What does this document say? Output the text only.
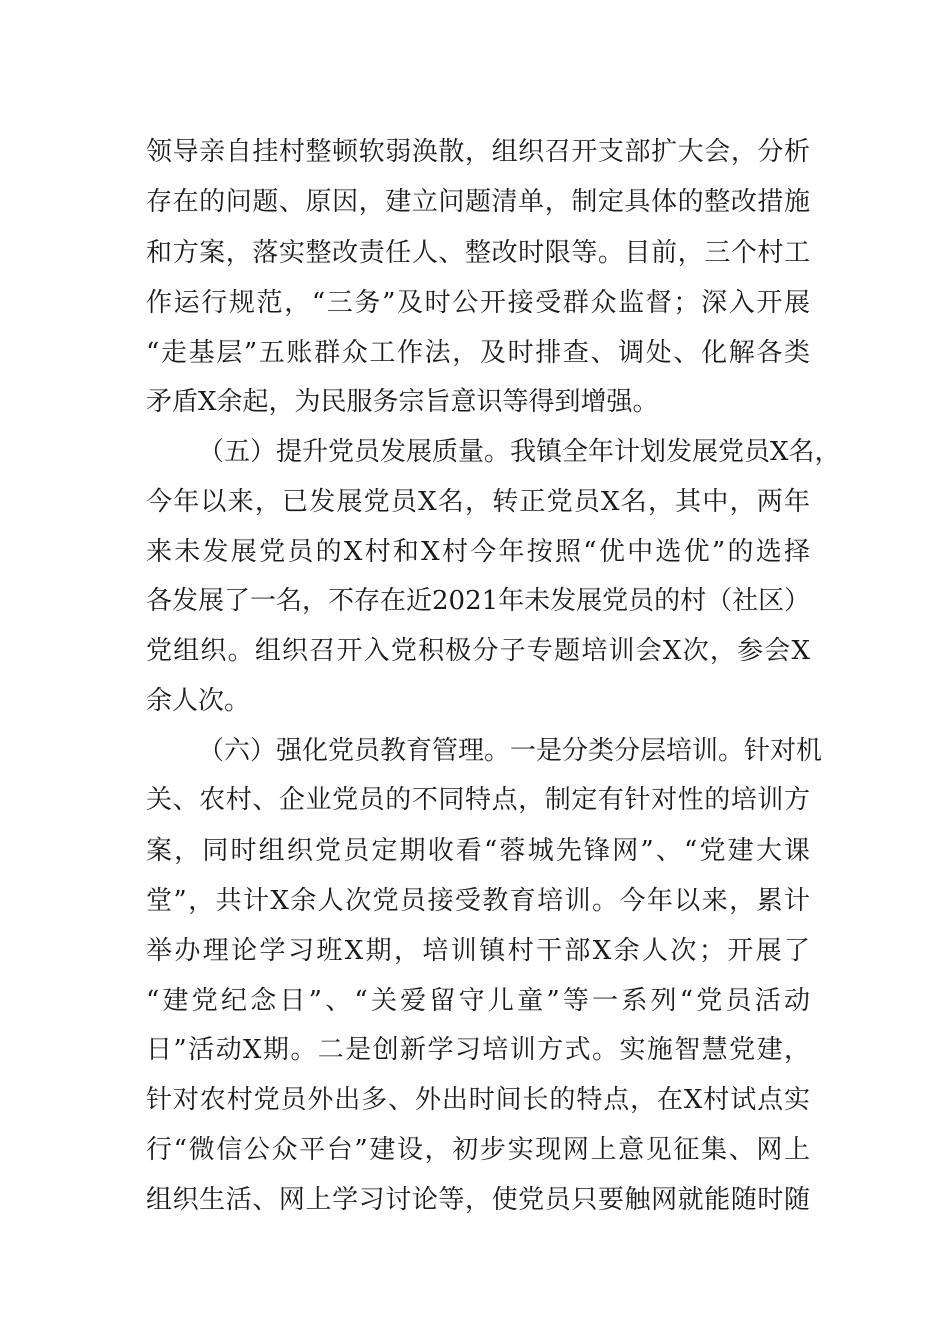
领导亲自挂村整顿软弱涣散，组织召开支部扩大会，分析
存在的问题、原因，建立问题清单，制定具体的整改措施
和方案，落实整改责任人、整改时限等。目前，三个村工
作运行规范，“三务”及时公开接受群众监督；深入开展
“走基层”五账群众工作法，及时排查、调处、化解各类
矛盾X余起，为民服务宗旨意识等得到增强。
（五）提升党员发展质量。我镇全年计划发展党员X名，
今年以来，已发展党员X名，转正党员X名，其中，两年
来未发展党员的X村和X村今年按照“优中选优”的选择
各发展了一名，不存在近2021年未发展党员的村（社区）
党组织。组织召开入党积极分子专题培训会X次，参会X
余人次。
（六）强化党员教育管理。一是分类分层培训。针对机
关、农村、企业党员的不同特点，制定有针对性的培训方
案，同时组织党员定期收看“蓉城先锋网”、“党建大课
堂”，共计X余人次党员接受教育培训。今年以来，累计
举办理论学习班X期，培训镇村干部X余人次；开展了
“建党纪念日”、“关爱留守儿童”等一系列“党员活动
日”活动X期。二是创新学习培训方式。实施智慧党建，
针对农村党员外出多、外出时间长的特点，在X村试点实
行“微信公众平台”建设，初步实现网上意见征集、网上
组织生活、网上学习讨论等，使党员只要触网就能随时随
